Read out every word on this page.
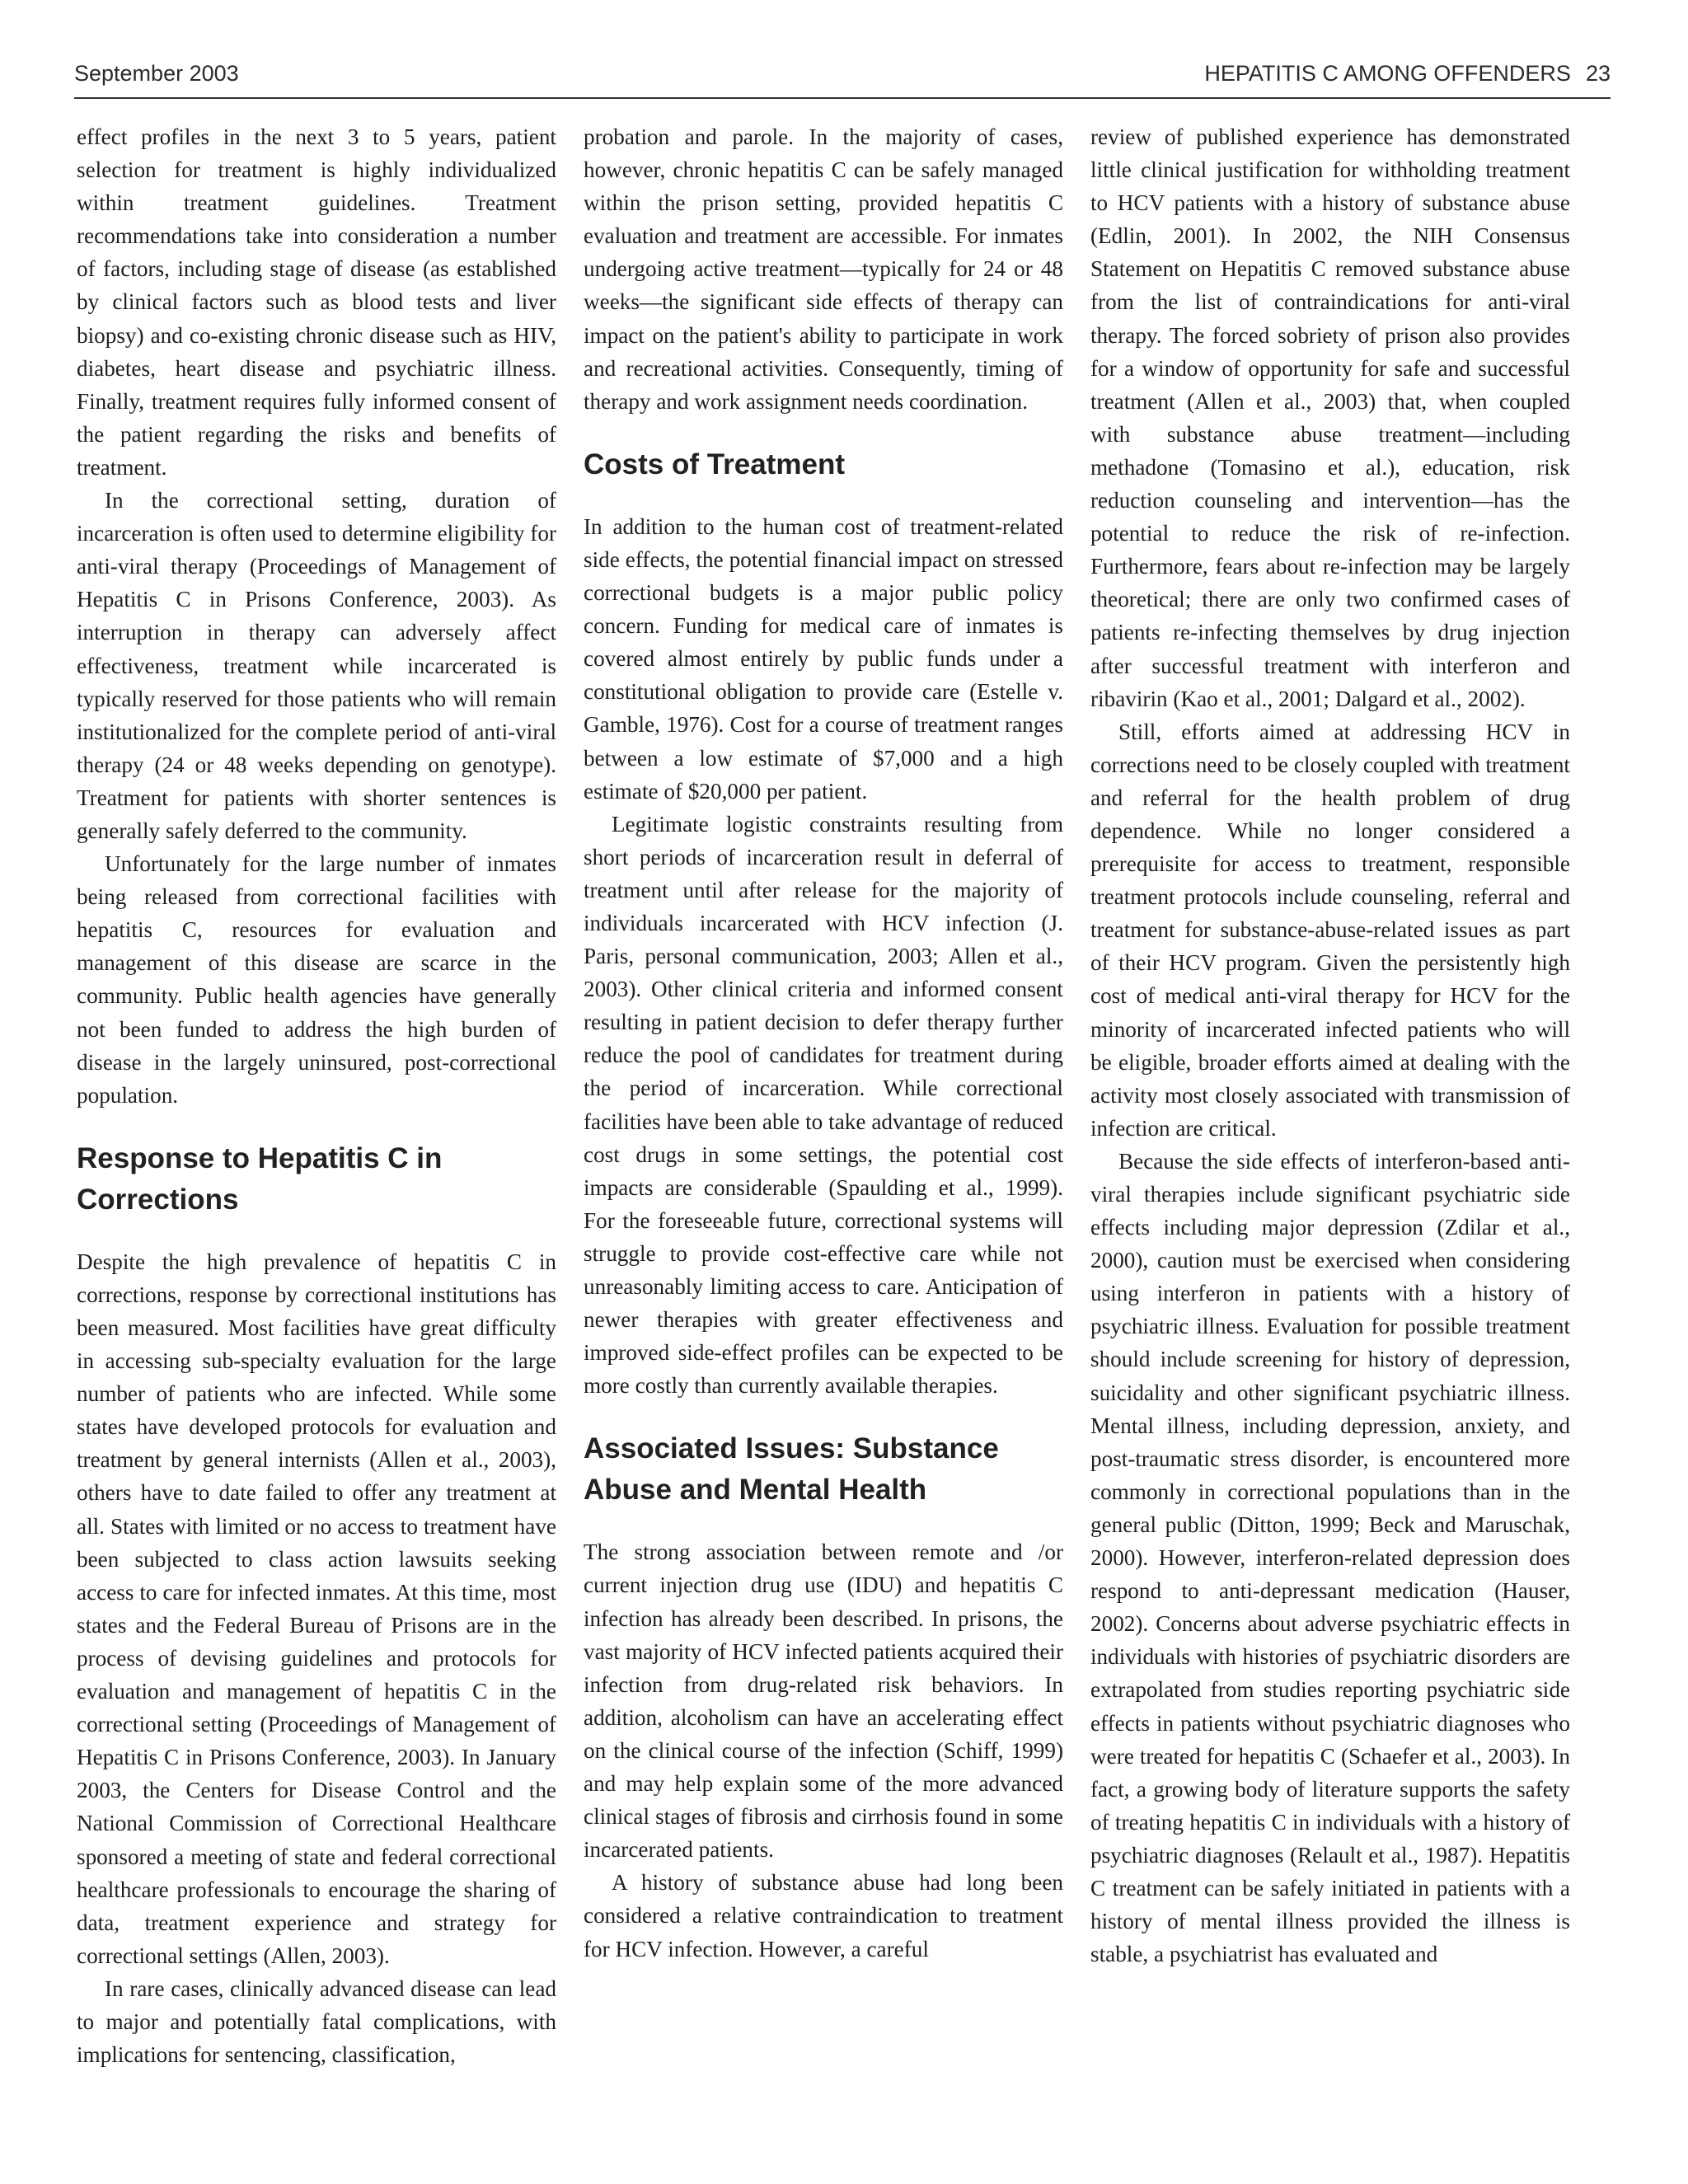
September 2003	HEPATITIS C AMONG OFFENDERS 23

effect profiles in the next 3 to 5 years, patient selection for treatment is highly individualized within treatment guidelines. Treatment recommendations take into consideration a number of factors, including stage of disease (as established by clinical factors such as blood tests and liver biopsy) and co-existing chronic disease such as HIV, diabetes, heart disease and psychiatric illness. Finally, treatment requires fully informed consent of the patient regarding the risks and benefits of treatment.

In the correctional setting, duration of incarceration is often used to determine eligibility for anti-viral therapy (Proceedings of Management of Hepatitis C in Prisons Conference, 2003). As interruption in therapy can adversely affect effectiveness, treatment while incarcerated is typically reserved for those patients who will remain institutionalized for the complete period of anti-viral therapy (24 or 48 weeks depending on genotype). Treatment for patients with shorter sentences is generally safely deferred to the community.

Unfortunately for the large number of inmates being released from correctional facilities with hepatitis C, resources for evaluation and management of this disease are scarce in the community. Public health agencies have generally not been funded to address the high burden of disease in the largely uninsured, post-correctional population.

Response to Hepatitis C in Corrections

Despite the high prevalence of hepatitis C in corrections, response by correctional institutions has been measured. Most facilities have great difficulty in accessing sub-specialty evaluation for the large number of patients who are infected. While some states have developed protocols for evaluation and treatment by general internists (Allen et al., 2003), others have to date failed to offer any treatment at all. States with limited or no access to treatment have been subjected to class action lawsuits seeking access to care for infected inmates. At this time, most states and the Federal Bureau of Prisons are in the process of devising guidelines and protocols for evaluation and management of hepatitis C in the correctional setting (Proceedings of Management of Hepatitis C in Prisons Conference, 2003). In January 2003, the Centers for Disease Control and the National Commission of Correctional Healthcare sponsored a meeting of state and federal correctional healthcare professionals to encourage the sharing of data, treatment experience and strategy for correctional settings (Allen, 2003).

In rare cases, clinically advanced disease can lead to major and potentially fatal complications, with implications for sentencing, classification,

probation and parole. In the majority of cases, however, chronic hepatitis C can be safely managed within the prison setting, provided hepatitis C evaluation and treatment are accessible. For inmates undergoing active treatment—typically for 24 or 48 weeks—the significant side effects of therapy can impact on the patient's ability to participate in work and recreational activities. Consequently, timing of therapy and work assignment needs coordination.

Costs of Treatment

In addition to the human cost of treatment-related side effects, the potential financial impact on stressed correctional budgets is a major public policy concern. Funding for medical care of inmates is covered almost entirely by public funds under a constitutional obligation to provide care (Estelle v. Gamble, 1976). Cost for a course of treatment ranges between a low estimate of $7,000 and a high estimate of $20,000 per patient.

Legitimate logistic constraints resulting from short periods of incarceration result in deferral of treatment until after release for the majority of individuals incarcerated with HCV infection (J. Paris, personal communication, 2003; Allen et al., 2003). Other clinical criteria and informed consent resulting in patient decision to defer therapy further reduce the pool of candidates for treatment during the period of incarceration. While correctional facilities have been able to take advantage of reduced cost drugs in some settings, the potential cost impacts are considerable (Spaulding et al., 1999). For the foreseeable future, correctional systems will struggle to provide cost-effective care while not unreasonably limiting access to care. Anticipation of newer therapies with greater effectiveness and improved side-effect profiles can be expected to be more costly than currently available therapies.

Associated Issues: Substance Abuse and Mental Health

The strong association between remote and /or current injection drug use (IDU) and hepatitis C infection has already been described. In prisons, the vast majority of HCV infected patients acquired their infection from drug-related risk behaviors. In addition, alcoholism can have an accelerating effect on the clinical course of the infection (Schiff, 1999) and may help explain some of the more advanced clinical stages of fibrosis and cirrhosis found in some incarcerated patients.

A history of substance abuse had long been considered a relative contraindication to treatment for HCV infection. However, a careful

review of published experience has demonstrated little clinical justification for withholding treatment to HCV patients with a history of substance abuse (Edlin, 2001). In 2002, the NIH Consensus Statement on Hepatitis C removed substance abuse from the list of contraindications for anti-viral therapy. The forced sobriety of prison also provides for a window of opportunity for safe and successful treatment (Allen et al., 2003) that, when coupled with substance abuse treatment—including methadone (Tomasino et al.), education, risk reduction counseling and intervention—has the potential to reduce the risk of re-infection. Furthermore, fears about re-infection may be largely theoretical; there are only two confirmed cases of patients re-infecting themselves by drug injection after successful treatment with interferon and ribavirin (Kao et al., 2001; Dalgard et al., 2002).

Still, efforts aimed at addressing HCV in corrections need to be closely coupled with treatment and referral for the health problem of drug dependence. While no longer considered a prerequisite for access to treatment, responsible treatment protocols include counseling, referral and treatment for substance-abuse-related issues as part of their HCV program. Given the persistently high cost of medical anti-viral therapy for HCV for the minority of incarcerated infected patients who will be eligible, broader efforts aimed at dealing with the activity most closely associated with transmission of infection are critical.

Because the side effects of interferon-based anti-viral therapies include significant psychiatric side effects including major depression (Zdilar et al., 2000), caution must be exercised when considering using interferon in patients with a history of psychiatric illness. Evaluation for possible treatment should include screening for history of depression, suicidality and other significant psychiatric illness. Mental illness, including depression, anxiety, and post-traumatic stress disorder, is encountered more commonly in correctional populations than in the general public (Ditton, 1999; Beck and Maruschak, 2000). However, interferon-related depression does respond to anti-depressant medication (Hauser, 2002). Concerns about adverse psychiatric effects in individuals with histories of psychiatric disorders are extrapolated from studies reporting psychiatric side effects in patients without psychiatric diagnoses who were treated for hepatitis C (Schaefer et al., 2003). In fact, a growing body of literature supports the safety of treating hepatitis C in individuals with a history of psychiatric diagnoses (Relault et al., 1987). Hepatitis C treatment can be safely initiated in patients with a history of mental illness provided the illness is stable, a psychiatrist has evaluated and
